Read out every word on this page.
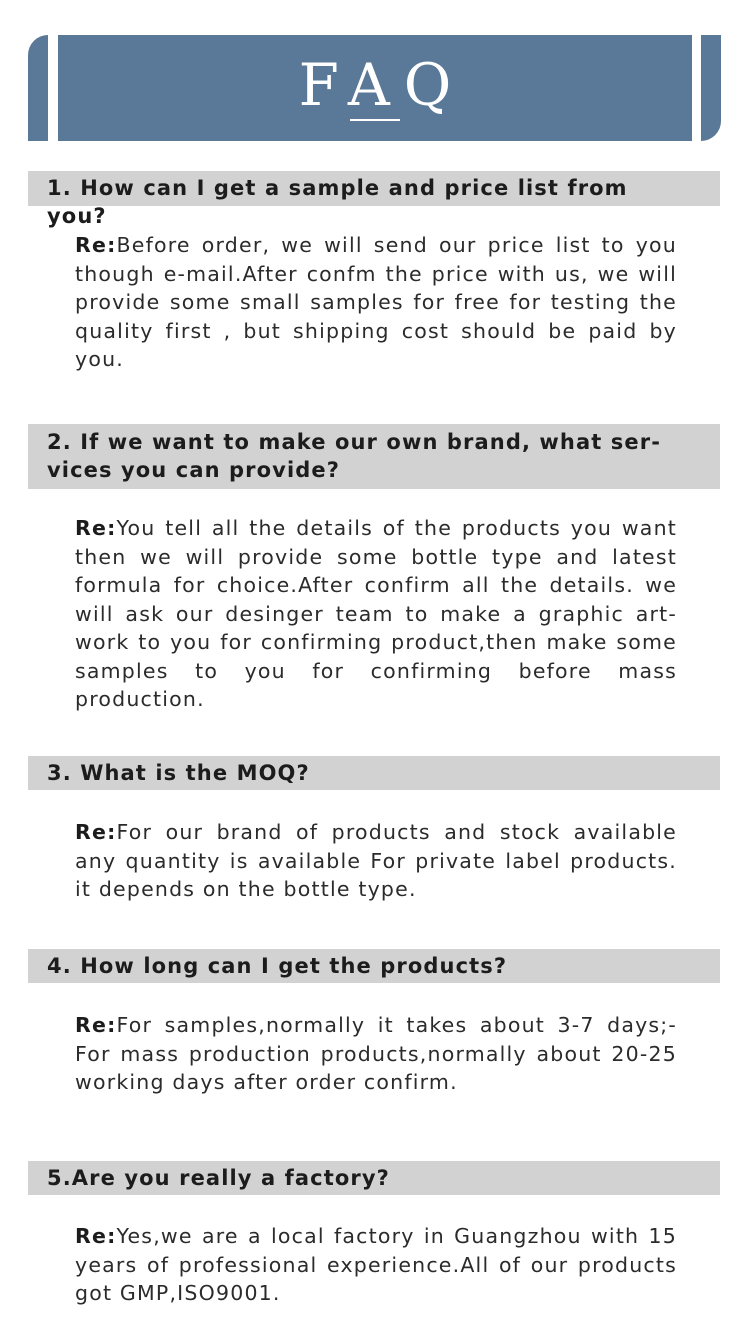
FAQ
1. How can I get a sample and price list from you?
Re:Before order, we will send our price list to you though e-mail.After confm the price with us, we will provide some small samples for free for testing the quality first , but shipping cost should be paid by you.
2. If we want to make our own brand, what ser-vices you can provide?
Re:You tell all the details of the products you want then we will provide some bottle type and latest formula for choice.After confirm all the details. we will ask our desinger team to make a graphic art-work to you for confirming product,then make some samples to you for confirming before mass production.
3. What is the MOQ?
Re:For our brand of products and stock available any quantity is available For private label products. it depends on the bottle type.
4. How long can I get the products?
Re:For samples,normally it takes about 3-7 days;-For mass production products,normally about 20-25 working days after order confirm.
5.Are you really a factory?
Re:Yes,we are a local factory in Guangzhou with 15 years of professional experience.All of our products got GMP,ISO9001.
